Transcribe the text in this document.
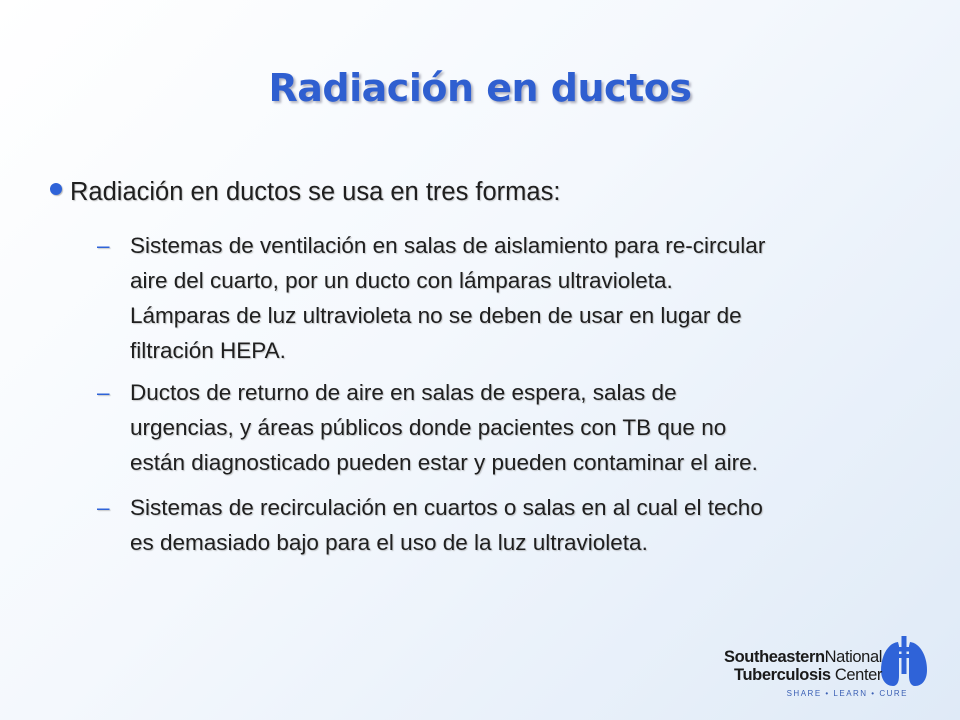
Radiación en ductos
Radiación en ductos se usa en tres formas:
– Sistemas de ventilación en salas de aislamiento para re-circular
aire del cuarto, por un ducto con lámparas ultravioleta.
Lámparas de luz ultravioleta no se deben de usar en lugar de
filtración HEPA.
– Ductos de returno de aire en salas de espera, salas de
urgencias, y áreas públicos donde pacientes con TB que no
están diagnosticado pueden estar y pueden contaminar el aire.
– Sistemas de recirculación en cuartos o salas en al cual el techo
es demasiado bajo para el uso de la luz ultravioleta.
SoutheasternNational
Tuberculosis Center
SHARE • LEARN • CURE
